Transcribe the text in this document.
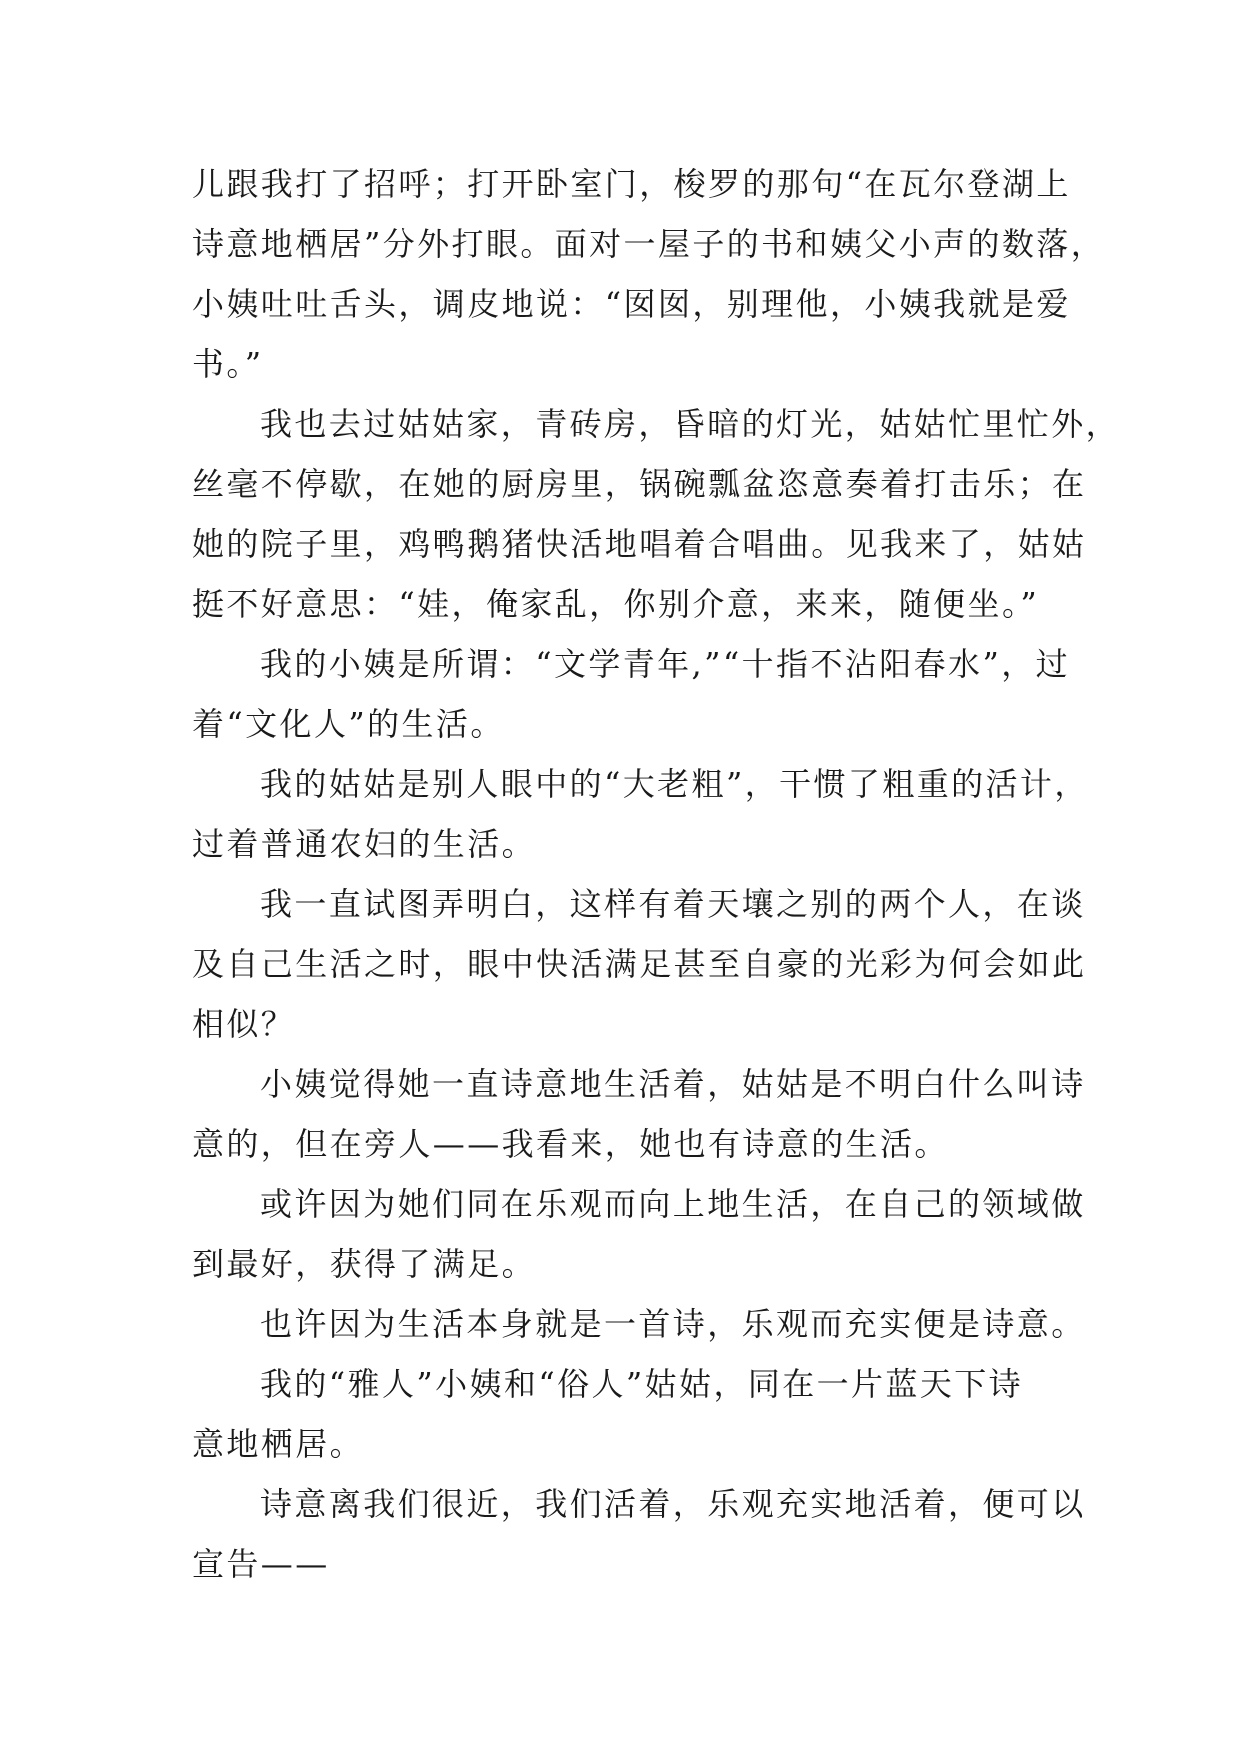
儿跟我打了招呼；打开卧室门，梭罗的那句“在瓦尔登湖上
诗意地栖居”分外打眼。面对一屋子的书和姨父小声的数落，
小姨吐吐舌头，调皮地说：“囡囡，别理他，小姨我就是爱
书。”

我也去过姑姑家，青砖房，昏暗的灯光，姑姑忙里忙外，
丝毫不停歇，在她的厨房里，锅碗瓢盆恣意奏着打击乐；在
她的院子里，鸡鸭鹅猪快活地唱着合唱曲。见我来了，姑姑
挺不好意思：“娃，俺家乱，你别介意，来来，随便坐。”

我的小姨是所谓：“文学青年,”“十指不沾阳春水”，过
着“文化人”的生活。

我的姑姑是别人眼中的“大老粗”，干惯了粗重的活计，
过着普通农妇的生活。

我一直试图弄明白，这样有着天壤之别的两个人，在谈
及自己生活之时，眼中快活满足甚至自豪的光彩为何会如此
相似？

小姨觉得她一直诗意地生活着，姑姑是不明白什么叫诗
意的，但在旁人——我看来，她也有诗意的生活。

或许因为她们同在乐观而向上地生活，在自己的领域做
到最好，获得了满足。

也许因为生活本身就是一首诗，乐观而充实便是诗意。

我的“雅人”小姨和“俗人”姑姑，同在一片蓝天下诗
意地栖居。

诗意离我们很近，我们活着，乐观充实地活着，便可以
宣告——
